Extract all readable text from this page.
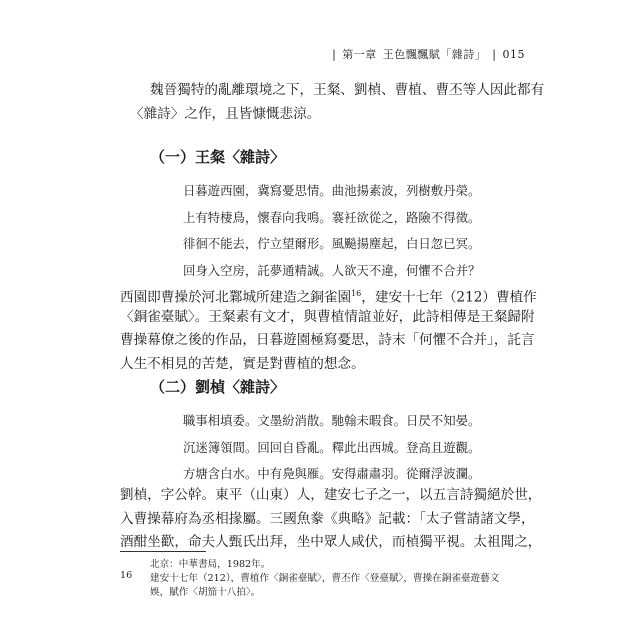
| 第一章 王色飄飄賦「雜詩」 | 015
魏晉獨特的亂離環境之下，王粲、劉楨、曹植、曹丕等人因此都有
〈雜詩〉之作，且皆慷慨悲涼。
（一）王粲〈雜詩〉
日暮遊西園，冀寫憂思情。曲池揚素波，列樹敷丹榮。
上有特棲鳥，懷春向我鳴。褰衽欲從之，路險不得徵。
徘徊不能去，佇立望爾形。風飈揚塵起，白日忽已冥。
回身入空房，託夢通精誠。人欲天不違，何懼不合并？
西園即曹操於河北鄴城所建造之銅雀園$^{16}$，建安十七年（212）曹植作
〈銅雀臺賦〉。王粲素有文才，與曹植情誼並好，此詩相傳是王粲歸附
曹操幕僚之後的作品，日暮遊園極寫憂思，詩末「何懼不合并」，託言
人生不相見的苦楚，實是對曹植的想念。
（二）劉楨〈雜詩〉
職事相填委。文墨紛消散。馳翰未暇食。日昃不知晏。
沉迷簿領間。回回自昏亂。釋此出西城。登高且遊觀。
方塘含白水。中有鳧與雁。安得肅肅羽。從爾浮波瀾。
劉楨，字公幹。東平（山東）人，建安七子之一，以五言詩獨絕於世，
入曹操幕府為丞相掾屬。三國魚豢《典略》記載：「太子嘗請諸文學，
酒酣坐歡，命夫人甄氏出拜，坐中眾人咸伏，而楨獨平視。太祖聞之，
北京：中華書局，1982年。
16 建安十七年（212），曹植作〈銅雀臺賦〉，曹丕作〈登臺賦〉，曹操在銅雀臺遊藝文
娛，賦作〈胡笳十八拍〉。
